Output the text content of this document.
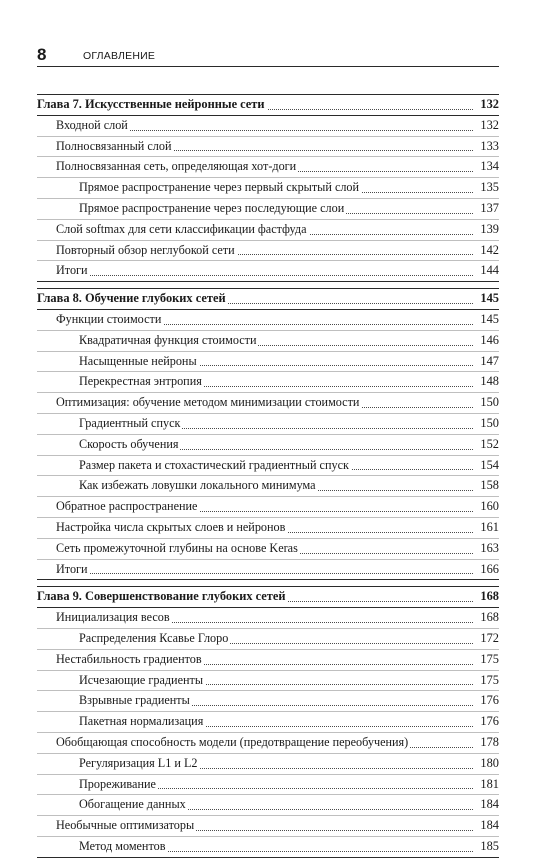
8	ОГЛАВЛЕНИЕ
Глава 7. Искусственные нейронные сети	132
Входной слой	132
Полносвязанный слой	133
Полносвязанная сеть, определяющая хот-доги	134
Прямое распространение через первый скрытый слой	135
Прямое распространение через последующие слои	137
Слой softmax для сети классификации фастфуда	139
Повторный обзор неглубокой сети	142
Итоги	144
Глава 8. Обучение глубоких сетей	145
Функции стоимости	145
Квадратичная функция стоимости	146
Насыщенные нейроны	147
Перекрестная энтропия	148
Оптимизация: обучение методом минимизации стоимости	150
Градиентный спуск	150
Скорость обучения	152
Размер пакета и стохастический градиентный спуск	154
Как избежать ловушки локального минимума	158
Обратное распространение	160
Настройка числа скрытых слоев и нейронов	161
Сеть промежуточной глубины на основе Keras	163
Итоги	166
Глава 9. Совершенствование глубоких сетей	168
Инициализация весов	168
Распределения Ксавье Глоро	172
Нестабильность градиентов	175
Исчезающие градиенты	175
Взрывные градиенты	176
Пакетная нормализация	176
Обобщающая способность модели (предотвращение переобучения)	178
Регуляризация L1 и L2	180
Прореживание	181
Обогащение данных	184
Необычные оптимизаторы	184
Метод моментов	185
